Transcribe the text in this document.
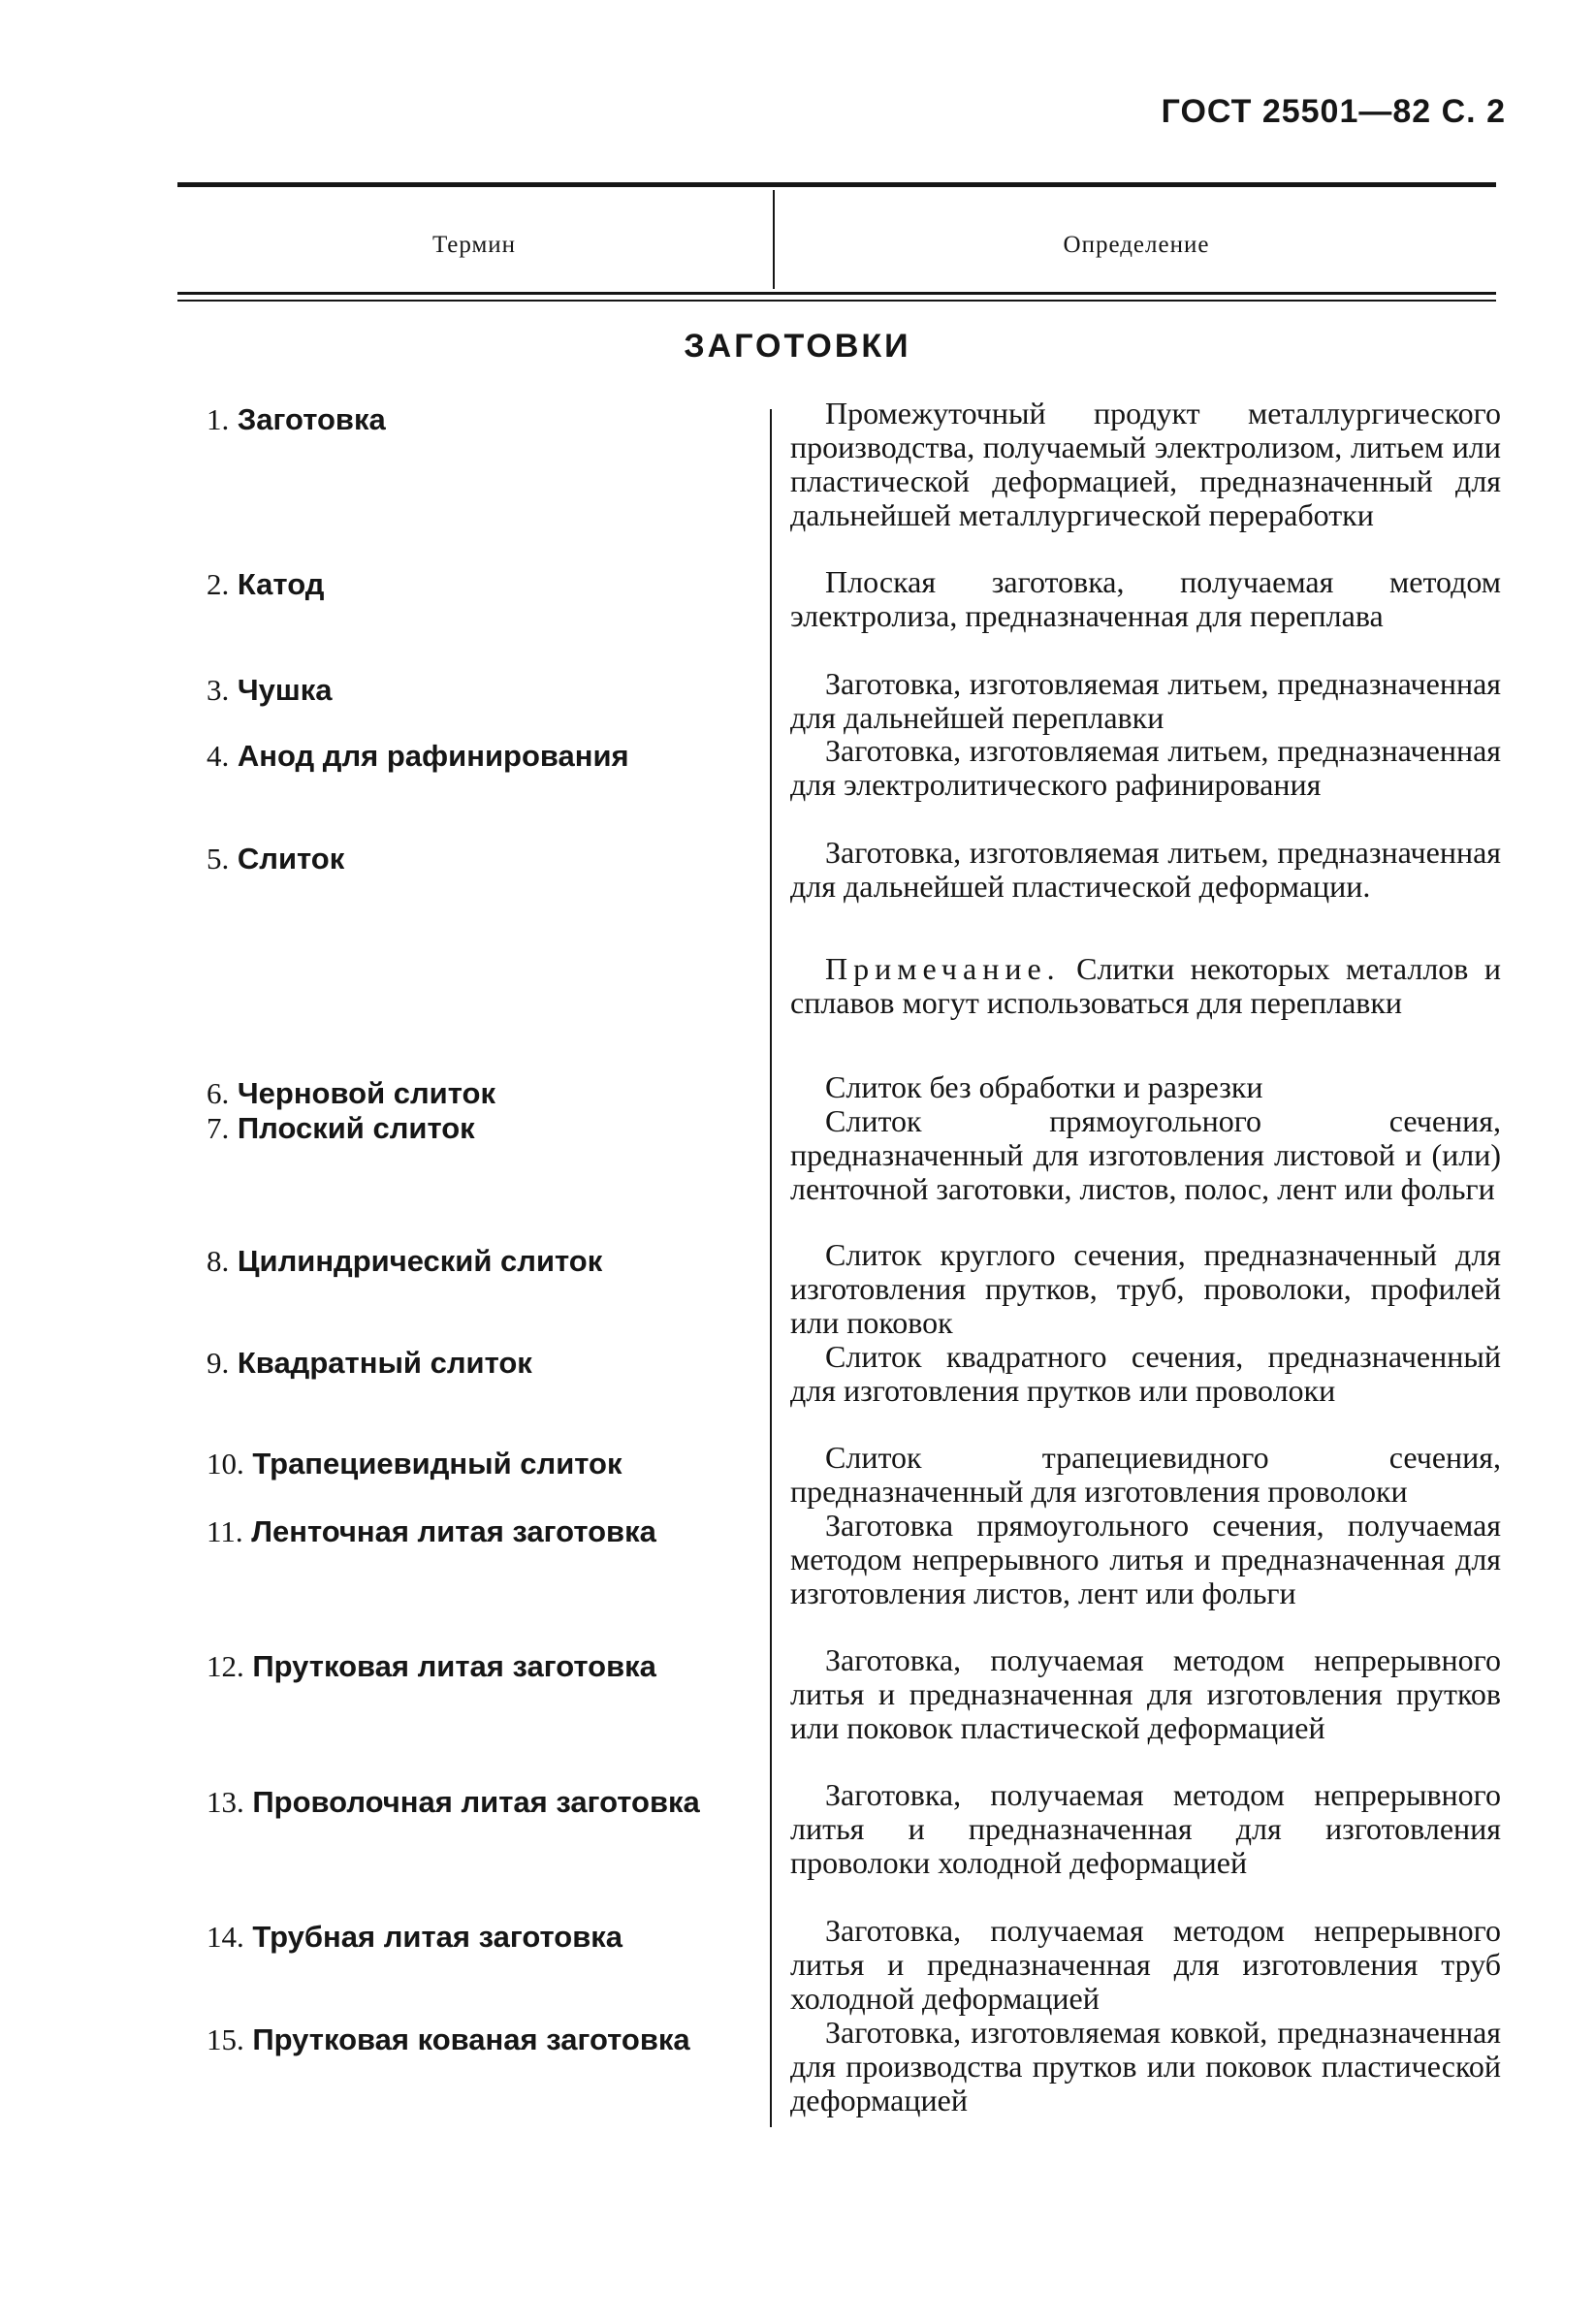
ГОСТ 25501—82 С. 2
Термин	Определение
ЗАГОТОВКИ
1. Заготовка	Промежуточный продукт металлургического производства, получаемый электролизом, литьем или пластической деформацией, предназначенный для дальнейшей металлургической переработки
2. Катод	Плоская заготовка, получаемая методом электролиза, предназначенная для переплава
3. Чушка	Заготовка, изготовляемая литьем, предназначенная для дальнейшей переплавки
4. Анод для рафинирования	Заготовка, изготовляемая литьем, предназначенная для электролитического рафинирования
5. Слиток	Заготовка, изготовляемая литьем, предназначенная для дальнейшей пластической деформации.
Примечание. Слитки некоторых металлов и сплавов могут использоваться для переплавки
6. Черновой слиток	Слиток без обработки и разрезки
7. Плоский слиток	Слиток прямоугольного сечения, предназначенный для изготовления листовой и (или) ленточной заготовки, листов, полос, лент или фольги
8. Цилиндрический слиток	Слиток круглого сечения, предназначенный для изготовления прутков, труб, проволоки, профилей или поковок
9. Квадратный слиток	Слиток квадратного сечения, предназначенный для изготовления прутков или проволоки
10. Трапециевидный слиток	Слиток трапециевидного сечения, предназначенный для изготовления проволоки
11. Ленточная литая заготовка	Заготовка прямоугольного сечения, получаемая методом непрерывного литья и предназначенная для изготовления листов, лент или фольги
12. Прутковая литая заготовка	Заготовка, получаемая методом непрерывного литья и предназначенная для изготовления прутков или поковок пластической деформацией
13. Проволочная литая заготовка	Заготовка, получаемая методом непрерывного литья и предназначенная для изготовления проволоки холодной деформацией
14. Трубная литая заготовка	Заготовка, получаемая методом непрерывного литья и предназначенная для изготовления труб холодной деформацией
15. Прутковая кованая заготовка	Заготовка, изготовляемая ковкой, предназначенная для производства прутков или поковок пластической деформацией
